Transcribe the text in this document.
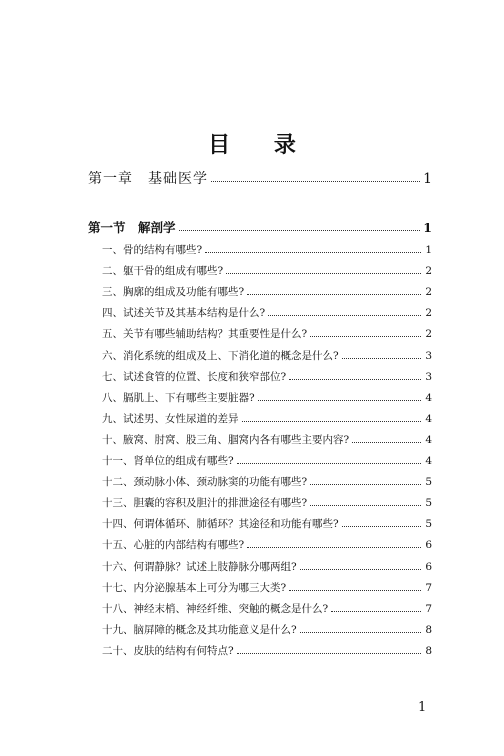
目 录
第一章　基础医学	1
第一节　解剖学	1
一、骨的结构有哪些?	1
二、躯干骨的组成有哪些?	2
三、胸廓的组成及功能有哪些?	2
四、试述关节及其基本结构是什么?	2
五、关节有哪些辅助结构？其重要性是什么?	2
六、消化系统的组成及上、下消化道的概念是什么?	3
七、试述食管的位置、长度和狭窄部位?	3
八、膈肌上、下有哪些主要脏器?	4
九、试述男、女性尿道的差异	4
十、腋窝、肘窝、股三角、腘窝内各有哪些主要内容?	4
十一、肾单位的组成有哪些?	4
十二、颈动脉小体、颈动脉窦的功能有哪些?	5
十三、胆囊的容积及胆汁的排泄途径有哪些?	5
十四、何谓体循环、肺循环？其途径和功能有哪些?	5
十五、心脏的内部结构有哪些?	6
十六、何谓静脉？试述上肢静脉分哪两组?	6
十七、内分泌腺基本上可分为哪三大类?	7
十八、神经末梢、神经纤维、突触的概念是什么?	7
十九、脑屏障的概念及其功能意义是什么?	8
二十、皮肤的结构有何特点?	8
1
